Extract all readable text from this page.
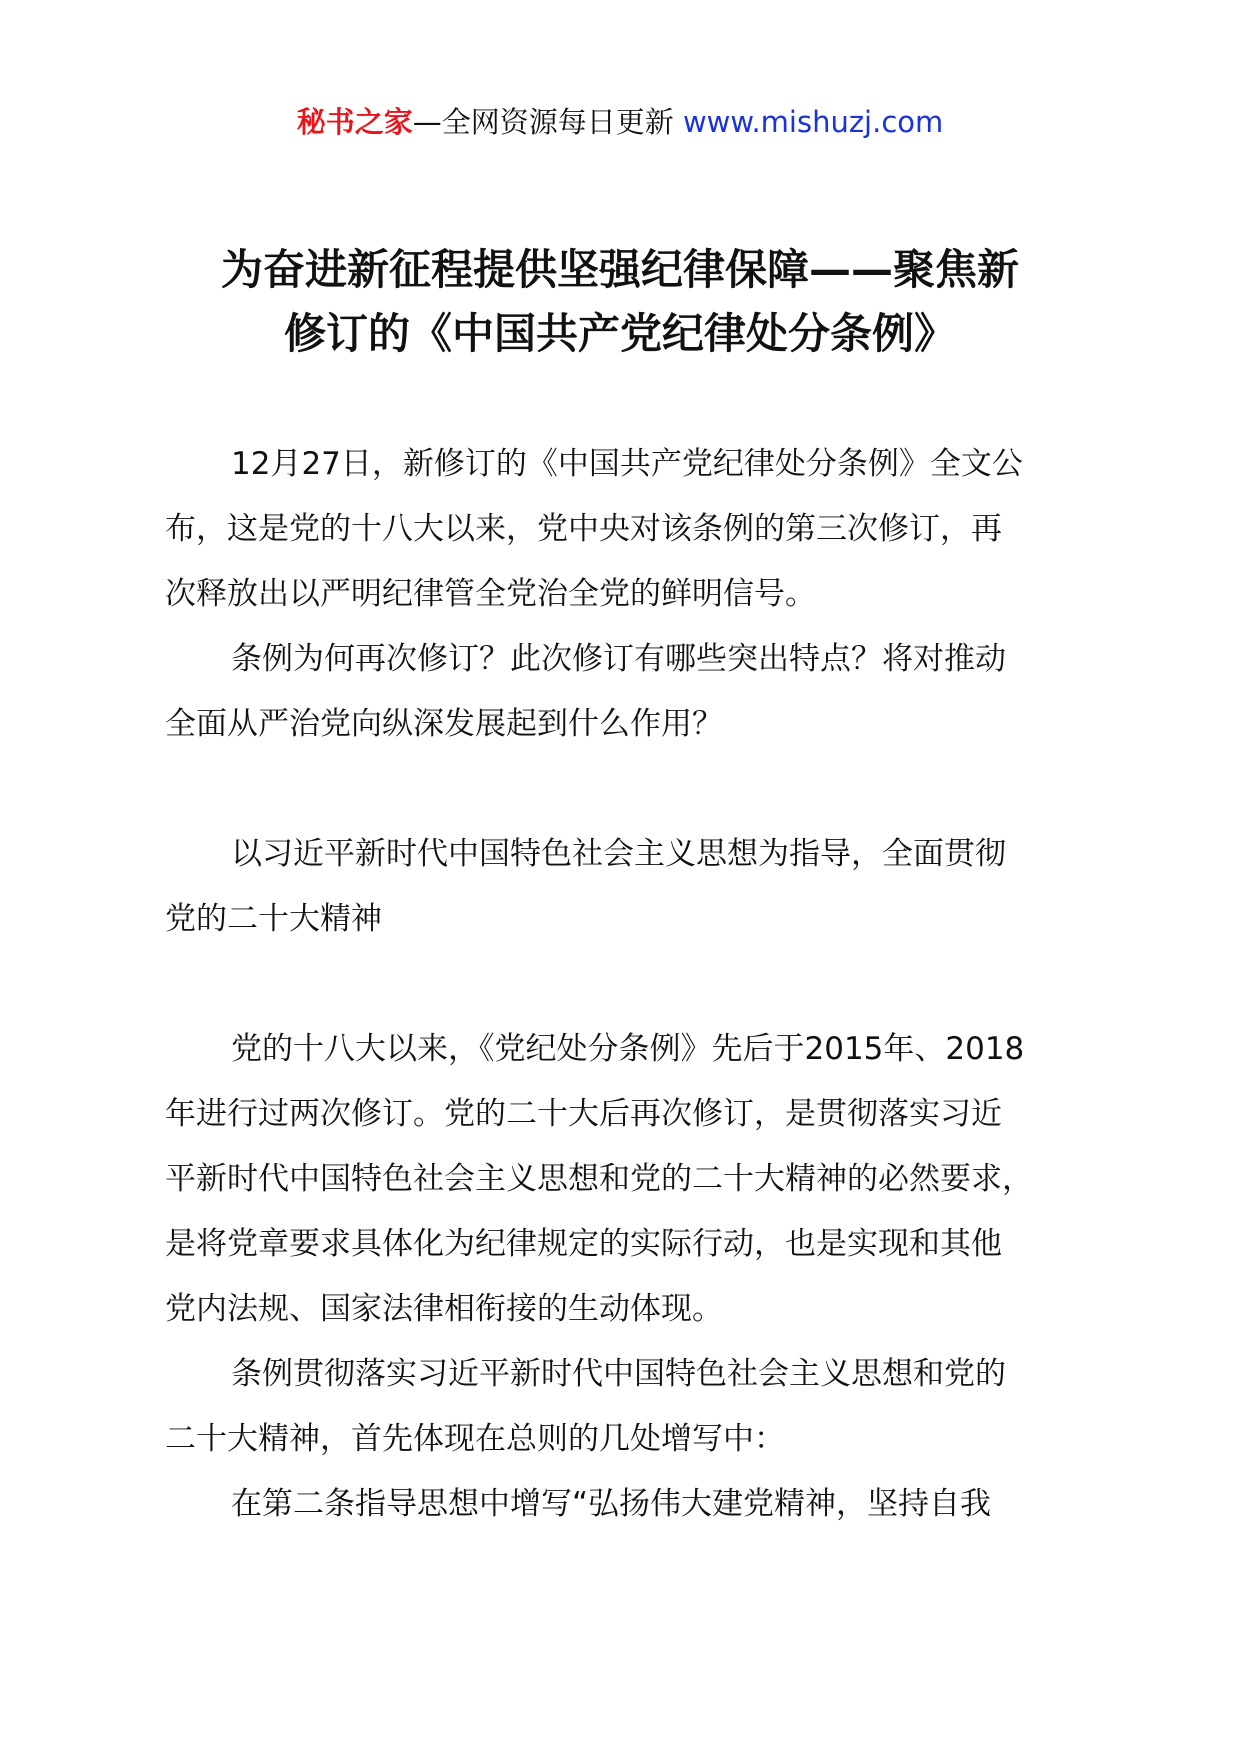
秘书之家—全网资源每日更新 www.mishuzj.com
为奋进新征程提供坚强纪律保障——聚焦新
修订的《中国共产党纪律处分条例》
12月27日，新修订的《中国共产党纪律处分条例》全文公
布，这是党的十八大以来，党中央对该条例的第三次修订，再
次释放出以严明纪律管全党治全党的鲜明信号。
条例为何再次修订？此次修订有哪些突出特点？将对推动
全面从严治党向纵深发展起到什么作用？
以习近平新时代中国特色社会主义思想为指导，全面贯彻
党的二十大精神
党的十八大以来，《党纪处分条例》先后于2015年、2018
年进行过两次修订。党的二十大后再次修订，是贯彻落实习近
平新时代中国特色社会主义思想和党的二十大精神的必然要求，
是将党章要求具体化为纪律规定的实际行动，也是实现和其他
党内法规、国家法律相衔接的生动体现。
条例贯彻落实习近平新时代中国特色社会主义思想和党的
二十大精神，首先体现在总则的几处增写中：
在第二条指导思想中增写“弘扬伟大建党精神，坚持自我
